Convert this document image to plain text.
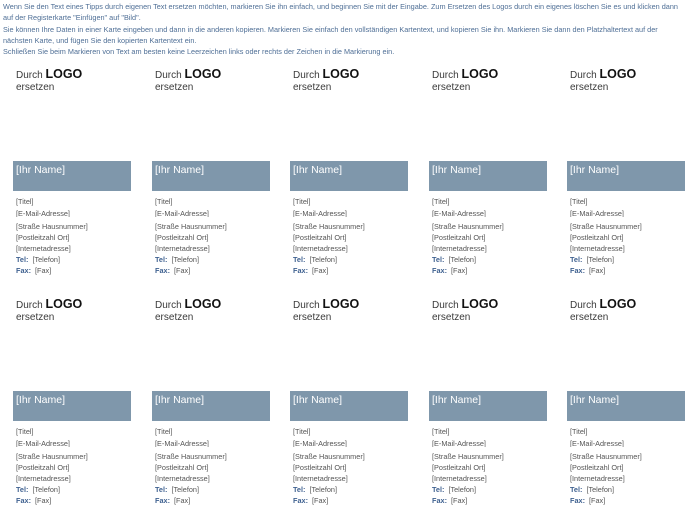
Wenn Sie den Text eines Tipps durch eigenen Text ersetzen möchten, markieren Sie ihn einfach, und beginnen Sie mit der Eingabe. Zum Ersetzen des Logos durch ein eigenes löschen Sie es und klicken dann auf der Registerkarte "Einfügen" auf "Bild".

Sie können Ihre Daten in einer Karte eingeben und dann in die anderen kopieren. Markieren Sie einfach den vollständigen Kartentext, und kopieren Sie ihn. Markieren Sie dann den Platzhaltertext auf der nächsten Karte, und fügen Sie den kopierten Kartentext ein.

Schließen Sie beim Markieren von Text am besten keine Leerzeichen links oder rechts der Zeichen in die Markierung ein.

Durch LOGO
ersetzen
[Ihr Name]
[Titel]
[E-Mail-Adresse]
[Straße Hausnummer]
[Postleitzahl Ort]
[Internetadresse]
Tel: [Telefon]
Fax: [Fax]
Durch LOGO
ersetzen
[Ihr Name]
[Titel]
[E-Mail-Adresse]
[Straße Hausnummer]
[Postleitzahl Ort]
[Internetadresse]
Tel: [Telefon]
Fax: [Fax]
Durch LOGO
ersetzen
[Ihr Name]
[Titel]
[E-Mail-Adresse]
[Straße Hausnummer]
[Postleitzahl Ort]
[Internetadresse]
Tel: [Telefon]
Fax: [Fax]
Durch LOGO
ersetzen
[Ihr Name]
[Titel]
[E-Mail-Adresse]
[Straße Hausnummer]
[Postleitzahl Ort]
[Internetadresse]
Tel: [Telefon]
Fax: [Fax]
Durch LOGO
ersetzen
[Ihr Name]
[Titel]
[E-Mail-Adresse]
[Straße Hausnummer]
[Postleitzahl Ort]
[Internetadresse]
Tel: [Telefon]
Fax: [Fax]
Durch LOGO
ersetzen
[Ihr Name]
[Titel]
[E-Mail-Adresse]
[Straße Hausnummer]
[Postleitzahl Ort]
[Internetadresse]
Tel: [Telefon]
Fax: [Fax]
Durch LOGO
ersetzen
[Ihr Name]
[Titel]
[E-Mail-Adresse]
[Straße Hausnummer]
[Postleitzahl Ort]
[Internetadresse]
Tel: [Telefon]
Fax: [Fax]
Durch LOGO
ersetzen
[Ihr Name]
[Titel]
[E-Mail-Adresse]
[Straße Hausnummer]
[Postleitzahl Ort]
[Internetadresse]
Tel: [Telefon]
Fax: [Fax]
Durch LOGO
ersetzen
[Ihr Name]
[Titel]
[E-Mail-Adresse]
[Straße Hausnummer]
[Postleitzahl Ort]
[Internetadresse]
Tel: [Telefon]
Fax: [Fax]
Durch LOGO
ersetzen
[Ihr Name]
[Titel]
[E-Mail-Adresse]
[Straße Hausnummer]
[Postleitzahl Ort]
[Internetadresse]
Tel: [Telefon]
Fax: [Fax]
